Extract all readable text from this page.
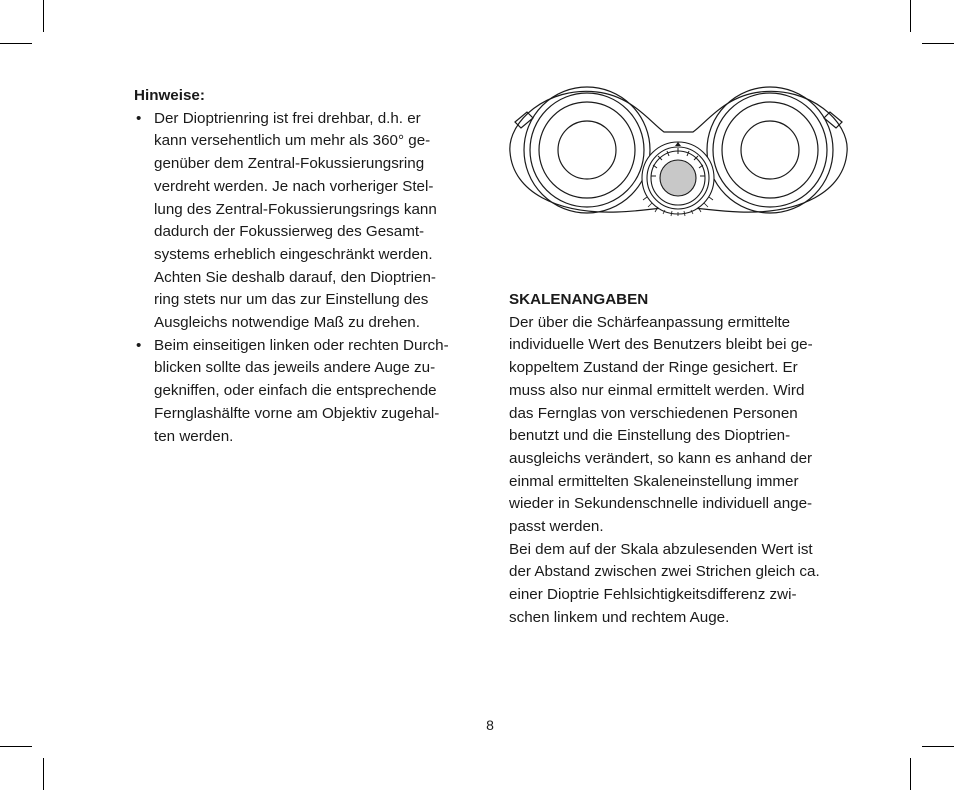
Hinweise:
• Der Dioptrienring ist frei drehbar, d.h. er
kann versehentlich um mehr als 360° ge-
genüber dem Zentral-Fokussierungsring
verdreht werden. Je nach vorheriger Stel-
lung des Zentral-Fokussierungsrings kann
dadurch der Fokussierweg des Gesamt-
systems erheblich eingeschränkt werden.
Achten Sie deshalb darauf, den Dioptrien-
ring stets nur um das zur Einstellung des
Ausgleichs notwendige Maß zu drehen.
• Beim einseitigen linken oder rechten Durch-
blicken sollte das jeweils andere Auge zu-
gekniffen, oder einfach die entsprechende
Fernglashälfte vorne am Objektiv zugehal-
ten werden.
SKALENANGABEN
Der über die Schärfeanpassung ermittelte
individuelle Wert des Benutzers bleibt bei ge-
koppeltem Zustand der Ringe gesichert. Er
muss also nur einmal ermittelt werden. Wird
das Fernglas von verschiedenen Personen
benutzt und die Einstellung des Dioptrien-
ausgleichs verändert, so kann es anhand der
einmal ermittelten Skaleneinstellung immer
wieder in Sekundenschnelle individuell ange-
passt werden.
Bei dem auf der Skala abzulesenden Wert ist
der Abstand zwischen zwei Strichen gleich ca.
einer Dioptrie Fehlsichtigkeitsdifferenz zwi-
schen linkem und rechtem Auge.
8
